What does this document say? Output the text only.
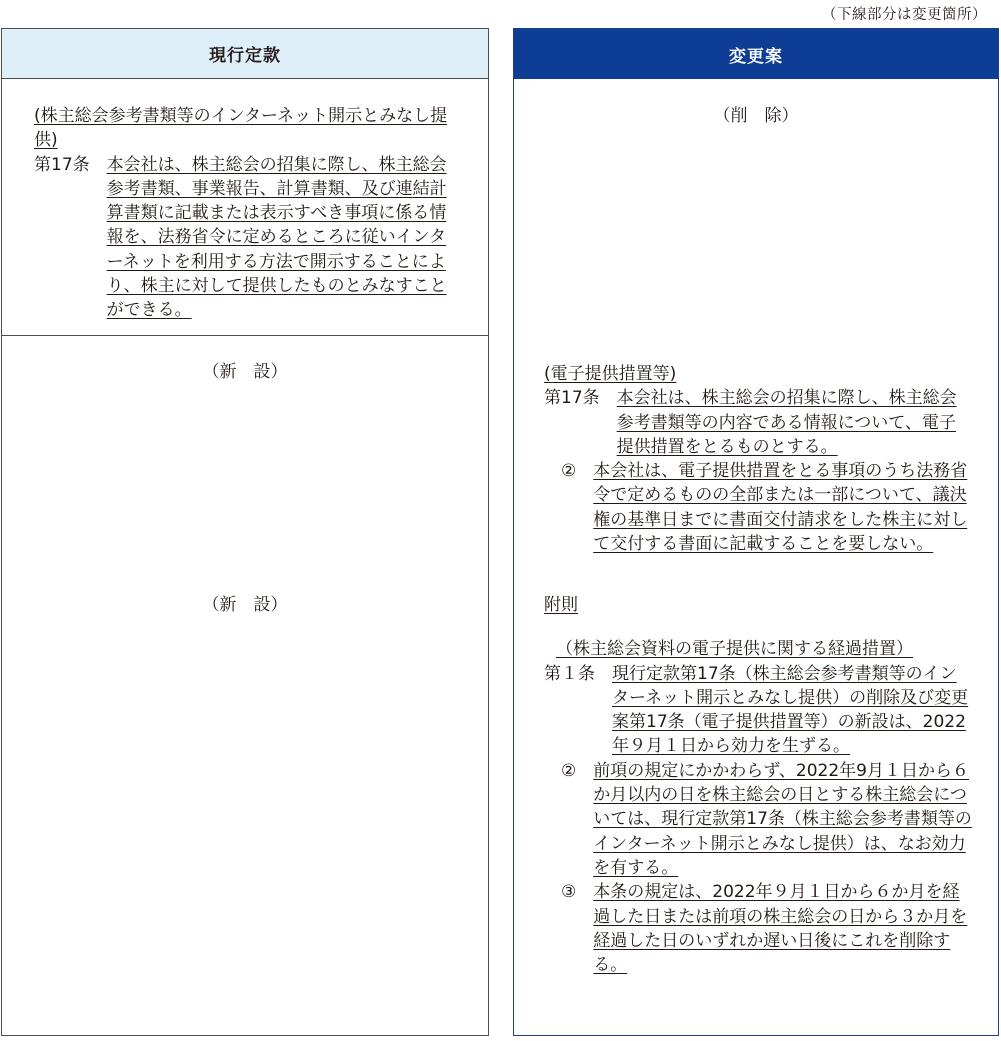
（下線部分は変更箇所）
現行定款
(株主総会参考書類等のインターネット開示とみなし提供)
第17条　 本会社は、株主総会の招集に際し、株主総会参考書類、事業報告、計算書類、及び連結計算書類に記載または表示すべき事項に係る情報を、法務省令に定めるところに従いインターネットを利用する方法で開示することにより、株主に対して提供したものとみなすことができる。
（新　設）
（新　設）
変更案
（削　除）
(電子提供措置等)
第17条　 本会社は、株主総会の招集に際し、株主総会参考書類等の内容である情報について、電子提供措置をとるものとする。
　②　 本会社は、電子提供措置をとる事項のうち法務省令で定めるものの全部または一部について、議決権の基準日までに書面交付請求をした株主に対して交付する書面に記載することを要しない。
附則
（株主総会資料の電子提供に関する経過措置）
第１条　 現行定款第17条（株主総会参考書類等のインターネット開示とみなし提供）の削除及び変更案第17条（電子提供措置等）の新設は、2022年９月１日から効力を生ずる。
　②　 前項の規定にかかわらず、2022年9月１日から６か月以内の日を株主総会の日とする株主総会については、現行定款第17条（株主総会参考書類等のインターネット開示とみなし提供）は、なお効力を有する。
　③　 本条の規定は、2022年９月１日から６か月を経過した日または前項の株主総会の日から３か月を経過した日のいずれか遅い日後にこれを削除する。
